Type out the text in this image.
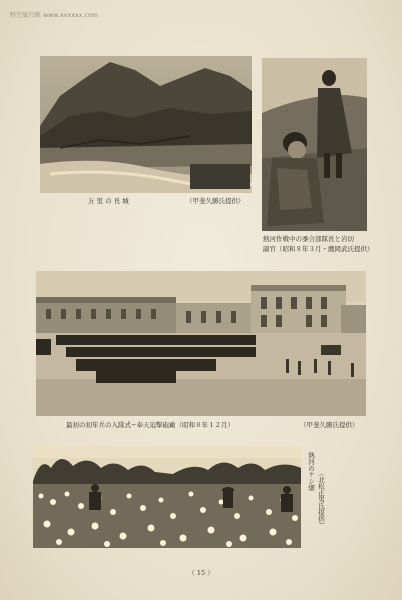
時空旅行館 www.xxxxxx.com
万 里 の 長 城	（甲斐久勝氏提供）
熱河作戦中の黍合部隊長と岩切
副官（昭和８年３月・鷹岡武氏提供）
最初の初年兵の入隊式−奉天迫撃砲廠（昭和８年１２月）	（甲斐久勝氏提供）
熱河のケシ畑 （北松正男氏提供）
（ 15 ）
